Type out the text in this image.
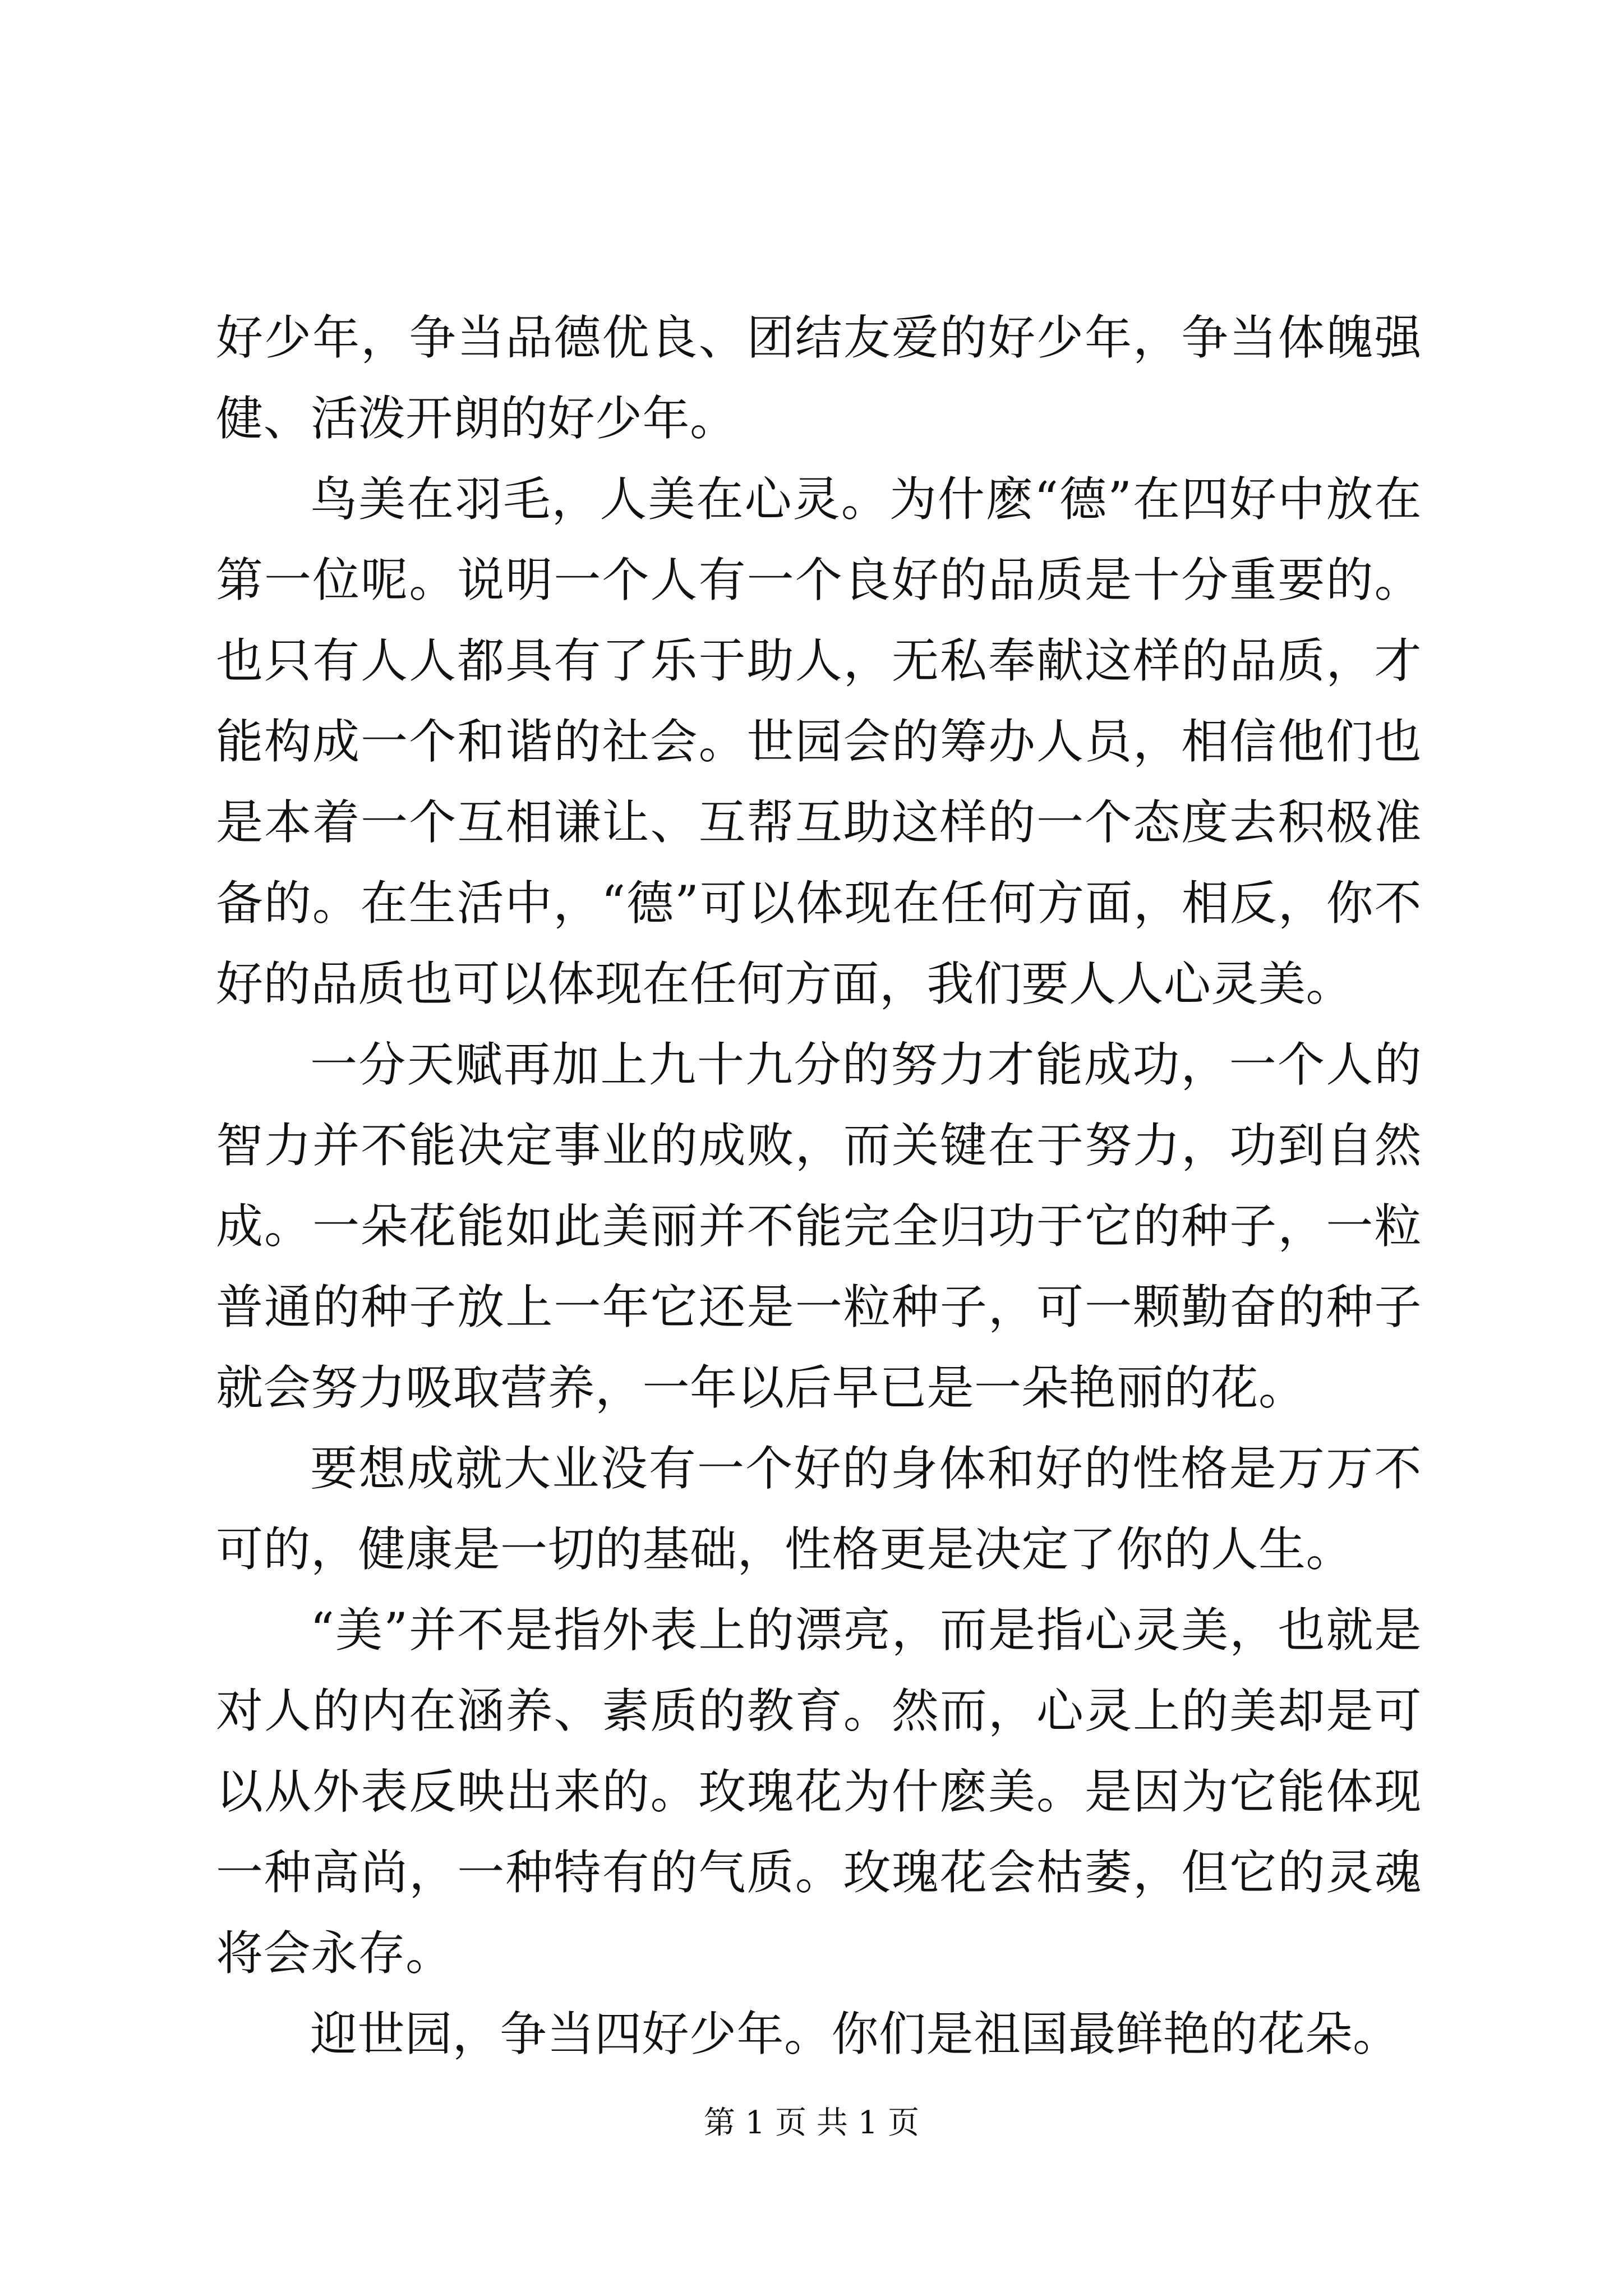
好少年，争当品德优良、团结友爱的好少年，争当体魄强健、活泼开朗的好少年。

鸟美在羽毛，人美在心灵。为什麽“德”在四好中放在第一位呢。说明一个人有一个良好的品质是十分重要的。也只有人人都具有了乐于助人，无私奉献这样的品质，才能构成一个和谐的社会。世园会的筹办人员，相信他们也是本着一个互相谦让、互帮互助这样的一个态度去积极准备的。在生活中，“德”可以体现在任何方面，相反，你不好的品质也可以体现在任何方面，我们要人人心灵美。

一分天赋再加上九十九分的努力才能成功，一个人的智力并不能决定事业的成败，而关键在于努力，功到自然成。一朵花能如此美丽并不能完全归功于它的种子，一粒普通的种子放上一年它还是一粒种子，可一颗勤奋的种子就会努力吸取营养，一年以后早已是一朵艳丽的花。

要想成就大业没有一个好的身体和好的性格是万万不可的，健康是一切的基础，性格更是决定了你的人生。

“美”并不是指外表上的漂亮，而是指心灵美，也就是对人的内在涵养、素质的教育。然而，心灵上的美却是可以从外表反映出来的。玫瑰花为什麽美。是因为它能体现一种高尚，一种特有的气质。玫瑰花会枯萎，但它的灵魂将会永存。

迎世园，争当四好少年。你们是祖国最鲜艳的花朵。

第 1 页 共 1 页
